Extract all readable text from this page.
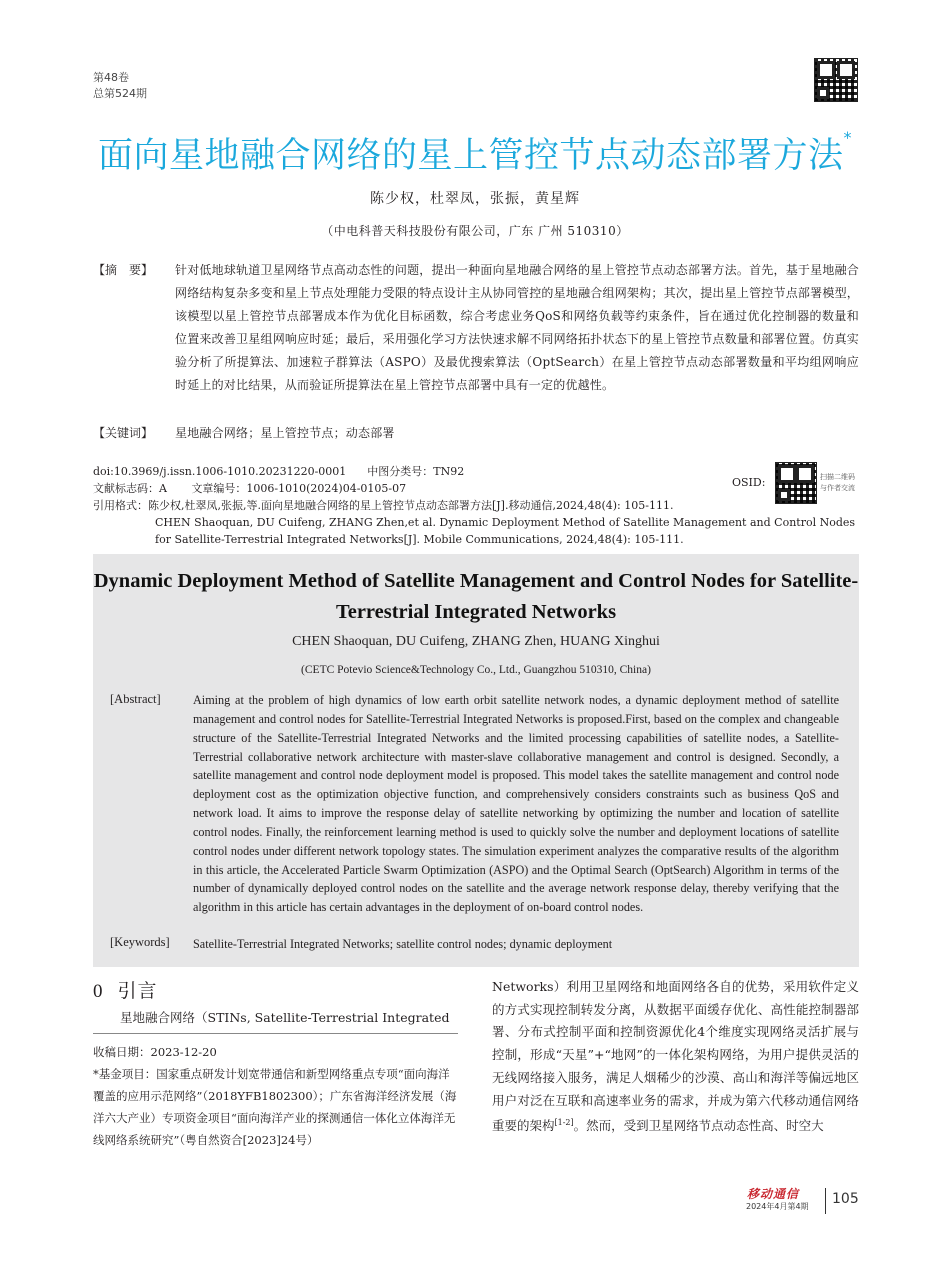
第48卷
总第524期
面向星地融合网络的星上管控节点动态部署方法*
陈少权，杜翠凤，张振，黄星辉
（中电科普天科技股份有限公司，广东 广州 510310）
【摘　要】 针对低地球轨道卫星网络节点高动态性的问题，提出一种面向星地融合网络的星上管控节点动态部署方法。首先，基于星地融合网络结构复杂多变和星上节点处理能力受限的特点设计主从协同管控的星地融合组网架构；其次，提出星上管控节点部署模型，该模型以星上管控节点部署成本作为优化目标函数，综合考虑业务QoS和网络负载等约束条件，旨在通过优化控制器的数量和位置来改善卫星组网响应时延；最后，采用强化学习方法快速求解不同网络拓扑状态下的星上管控节点数量和部署位置。仿真实验分析了所提算法、加速粒子群算法（ASPO）及最优搜索算法（OptSearch）在星上管控节点动态部署数量和平均组网响应时延上的对比结果，从而验证所提算法在星上管控节点部署中具有一定的优越性。
【关键词】 星地融合网络；星上管控节点；动态部署
doi:10.3969/j.issn.1006-1010.20231220-0001 中图分类号：TN92
文献标志码：A 文章编号：1006-1010(2024)04-0105-07
引用格式：陈少权,杜翠凤,张振,等.面向星地融合网络的星上管控节点动态部署方法[J].移动通信,2024,48(4): 105-111.
CHEN Shaoquan, DU Cuifeng, ZHANG Zhen,et al. Dynamic Deployment Method of Satellite Management and Control Nodes for Satellite-Terrestrial Integrated Networks[J]. Mobile Communications, 2024,48(4): 105-111.
OSID:	扫描二维码
与作者交流
Dynamic Deployment Method of Satellite Management and Control Nodes for Satellite-Terrestrial Integrated Networks
CHEN Shaoquan, DU Cuifeng, ZHANG Zhen, HUANG Xinghui
(CETC Potevio Science&Technology Co., Ltd., Guangzhou 510310, China)
[Abstract]	Aiming at the problem of high dynamics of low earth orbit satellite network nodes, a dynamic deployment method of satellite management and control nodes for Satellite-Terrestrial Integrated Networks is proposed.First, based on the complex and changeable structure of the Satellite-Terrestrial Integrated Networks and the limited processing capabilities of satellite nodes, a Satellite-Terrestrial collaborative network architecture with master-slave collaborative management and control is designed. Secondly, a satellite management and control node deployment model is proposed. This model takes the satellite management and control node deployment cost as the optimization objective function, and comprehensively considers constraints such as business QoS and network load. It aims to improve the response delay of satellite networking by optimizing the number and location of satellite control nodes. Finally, the reinforcement learning method is used to quickly solve the number and deployment locations of satellite control nodes under different network topology states. The simulation experiment analyzes the comparative results of the algorithm in this article, the Accelerated Particle Swarm Optimization (ASPO) and the Optimal Search (OptSearch) Algorithm in terms of the number of dynamically deployed control nodes on the satellite and the average network response delay, thereby verifying that the algorithm in this article has certain advantages in the deployment of on-board control nodes.
[Keywords] Satellite-Terrestrial Integrated Networks; satellite control nodes; dynamic deployment
0 引言
星地融合网络（STINs, Satellite-Terrestrial Integrated
收稿日期：2023-12-20
*基金项目：国家重点研发计划宽带通信和新型网络重点专项“面向海洋覆盖的应用示范网络”（2018YFB1802300）；广东省海洋经济发展（海洋六大产业）专项资金项目“面向海洋产业的探测通信一体化立体海洋无线网络系统研究”（粤自然资合[2023]24号）
Networks）利用卫星网络和地面网络各自的优势，采用软件定义的方式实现控制转发分离，从数据平面缓存优化、高性能控制器部署、分布式控制平面和控制资源优化4个维度实现网络灵活扩展与控制，形成“天星”+“地网”的一体化架构网络，为用户提供灵活的无线网络接入服务，满足人烟稀少的沙漠、高山和海洋等偏远地区用户对泛在互联和高速率业务的需求，并成为第六代移动通信网络重要的架构[1-2]。然而，受到卫星网络节点动态性高、时空大
移动通信
2024年4月第4期 105
